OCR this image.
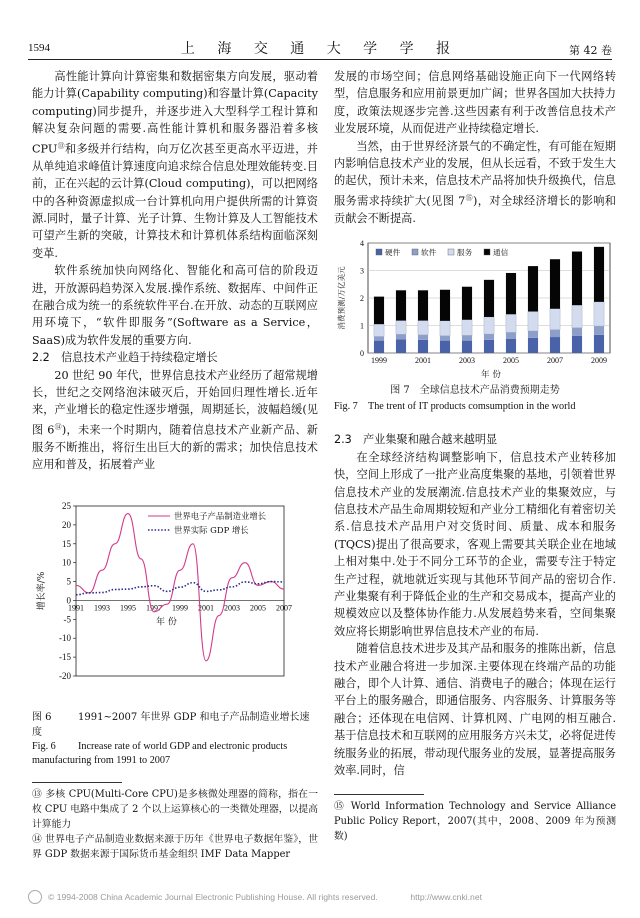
1594	上 海 交 通 大 学 学 报	第 42 卷

高性能计算向计算密集和数据密集方向发展，驱动着能力计算(Capability computing)和容量计算(Capacity computing)同步提升，并逐步进入大型科学工程计算和解决复杂问题的需要.高性能计算机和服务器沿着多核 CPU⑬和多级并行结构，向万亿次甚至更高水平迈进，并从单纯追求峰值计算速度向追求综合信息处理效能转变.目前，正在兴起的云计算(Cloud computing)，可以把网络中的各种资源虚拟成一台计算机向用户提供所需的计算资源.同时，量子计算、光子计算、生物计算及人工智能技术可望产生新的突破，计算技术和计算机体系结构面临深刻变革.

软件系统加快向网络化、智能化和高可信的阶段迈进，开放源码趋势深入发展.操作系统、数据库、中间件正在融合成为统一的系统软件平台.在开放、动态的互联网应用环境下，“软件即服务”(Software as a Service，SaaS)成为软件发展的重要方向.

2.2　信息技术产业趋于持续稳定增长

20 世纪 90 年代，世界信息技术产业经历了超常规增长，世纪之交网络泡沫破灭后，开始回归理性增长.近年来，产业增长的稳定性逐步增强，周期延长，波幅趋缓(见图 6⑭)，未来一个时期内，随着信息技术产业新产品、新服务不断推出，将衍生出巨大的新的需求；加快信息技术应用和普及，拓展着产业

25
20
15
10
5
0
-5
-10
-15
-20
1991 1993 1995 1997 1999 2001 2003 2005 2007
年 份
增长率/%
世界电子产品制造业增长
世界实际 GDP 增长
图 6	1991~2007 年世界 GDP 和电子产品制造业增长速度
Fig. 6 Increase rate of world GDP and electronic products manufacturing from 1991 to 2007

⑬ 多核 CPU(Multi-Core CPU)是多核微处理器的简称，指在一枚 CPU 电路中集成了 2 个以上运算核心的一类微处理器，以提高计算能力

⑭ 世界电子产品制造业数据来源于历年《世界电子数据年鉴》，世界 GDP 数据来源于国际货币基金组织 IMF Data Mapper

发展的市场空间；信息网络基础设施正向下一代网络转型，信息服务和应用前景更加广阔；世界各国加大扶持力度，政策法规逐步完善.这些因素有利于改善信息技术产业发展环境，从而促进产业持续稳定增长.

当然，由于世界经济景气的不确定性，有可能在短期内影响信息技术产业的发展，但从长远看，不致于发生大的起伏，预计未来，信息技术产品将加快升级换代，信息服务需求持续扩大(见图 7⑮)，对全球经济增长的影响和贡献会不断提高.

4
3
2
1
0
1999	2001	2003	2005	2007	2009
年 份
消费预测/万亿美元
硬件	软件	服务	通信
图 7　全球信息技术产品消费预期走势
Fig. 7　The trent of IT products comsumption in the world

2.3　产业集聚和融合越来越明显

在全球经济结构调整影响下，信息技术产业转移加快，空间上形成了一批产业高度集聚的基地，引领着世界信息技术产业的发展潮流.信息技术产业的集聚效应，与信息技术产品生命周期较短和产业分工精细化有着密切关系.信息技术产品用户对交货时间、质量、成本和服务(TQCS)提出了很高要求，客观上需要其关联企业在地域上相对集中.处于不同分工环节的企业，需要专注于特定生产过程，就地就近实现与其他环节间产品的密切合作.产业集聚有利于降低企业的生产和交易成本，提高产业的规模效应以及整体协作能力.从发展趋势来看，空间集聚效应将长期影响世界信息技术产业的布局.

随着信息技术进步及其产品和服务的推陈出新，信息技术产业融合将进一步加深.主要体现在终端产品的功能融合，即个人计算、通信、消费电子的融合；体现在运行平台上的服务融合，即通信服务、内容服务、计算服务等融合；还体现在电信网、计算机网、广电网的相互融合.基于信息技术和互联网的应用服务方兴未艾，必将促进传统服务业的拓展，带动现代服务业的发展，显著提高服务效率.同时，信

⑮ World Information Technology and Service Alliance Public Policy Report，2007(其中，2008、2009 年为预测数)

© 1994-2008 China Academic Journal Electronic Publishing House. All rights reserved.	http://www.cnki.net
